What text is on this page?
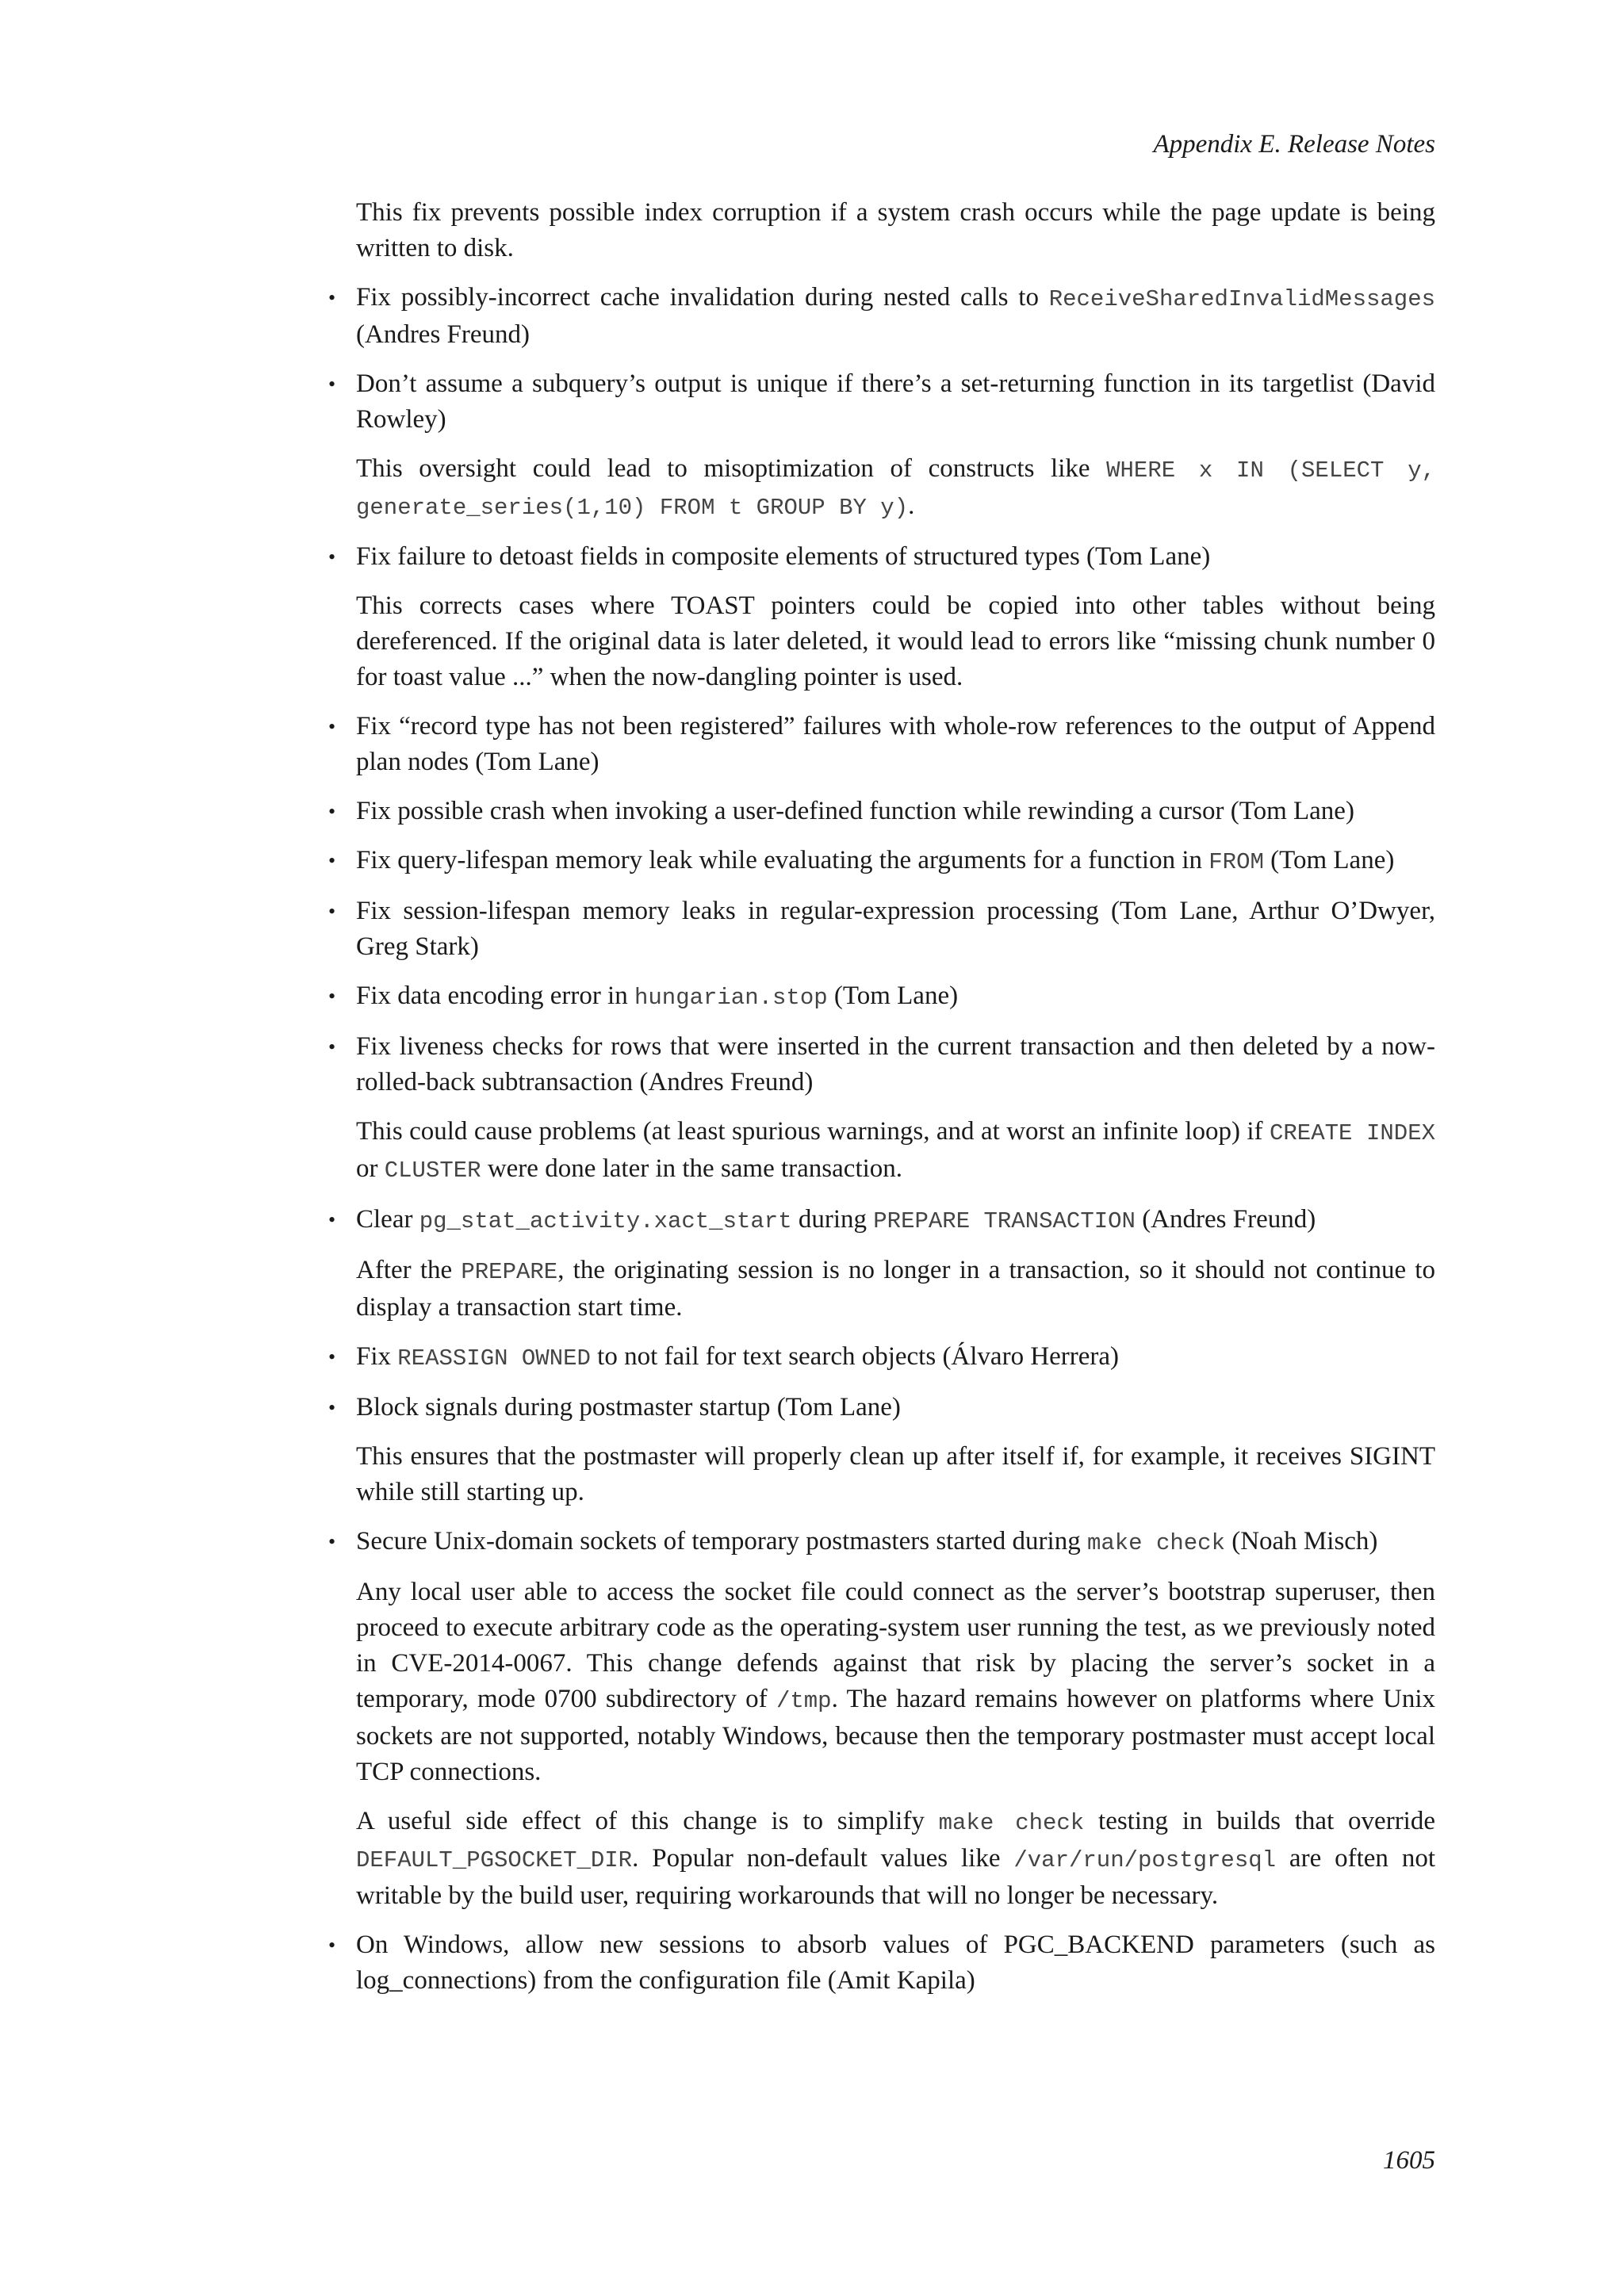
Appendix E. Release Notes

This fix prevents possible index corruption if a system crash occurs while the page update is being written to disk.

• Fix possibly-incorrect cache invalidation during nested calls to ReceiveSharedInvalidMessages (Andres Freund)

• Don’t assume a subquery’s output is unique if there’s a set-returning function in its targetlist (David Rowley)

This oversight could lead to misoptimization of constructs like WHERE x IN (SELECT y, generate_series(1,10) FROM t GROUP BY y).

• Fix failure to detoast fields in composite elements of structured types (Tom Lane)

This corrects cases where TOAST pointers could be copied into other tables without being dereferenced. If the original data is later deleted, it would lead to errors like “missing chunk number 0 for toast value ...” when the now-dangling pointer is used.

• Fix “record type has not been registered” failures with whole-row references to the output of Append plan nodes (Tom Lane)

• Fix possible crash when invoking a user-defined function while rewinding a cursor (Tom Lane)

• Fix query-lifespan memory leak while evaluating the arguments for a function in FROM (Tom Lane)

• Fix session-lifespan memory leaks in regular-expression processing (Tom Lane, Arthur O’Dwyer, Greg Stark)

• Fix data encoding error in hungarian.stop (Tom Lane)

• Fix liveness checks for rows that were inserted in the current transaction and then deleted by a now-rolled-back subtransaction (Andres Freund)

This could cause problems (at least spurious warnings, and at worst an infinite loop) if CREATE INDEX or CLUSTER were done later in the same transaction.

• Clear pg_stat_activity.xact_start during PREPARE TRANSACTION (Andres Freund)

After the PREPARE, the originating session is no longer in a transaction, so it should not continue to display a transaction start time.

• Fix REASSIGN OWNED to not fail for text search objects (Álvaro Herrera)

• Block signals during postmaster startup (Tom Lane)

This ensures that the postmaster will properly clean up after itself if, for example, it receives SIGINT while still starting up.

• Secure Unix-domain sockets of temporary postmasters started during make check (Noah Misch)

Any local user able to access the socket file could connect as the server’s bootstrap superuser, then proceed to execute arbitrary code as the operating-system user running the test, as we previously noted in CVE-2014-0067. This change defends against that risk by placing the server’s socket in a temporary, mode 0700 subdirectory of /tmp. The hazard remains however on platforms where Unix sockets are not supported, notably Windows, because then the temporary postmaster must accept local TCP connections.

A useful side effect of this change is to simplify make check testing in builds that override DEFAULT_PGSOCKET_DIR. Popular non-default values like /var/run/postgresql are often not writable by the build user, requiring workarounds that will no longer be necessary.

• On Windows, allow new sessions to absorb values of PGC_BACKEND parameters (such as log_connections) from the configuration file (Amit Kapila)

1605
